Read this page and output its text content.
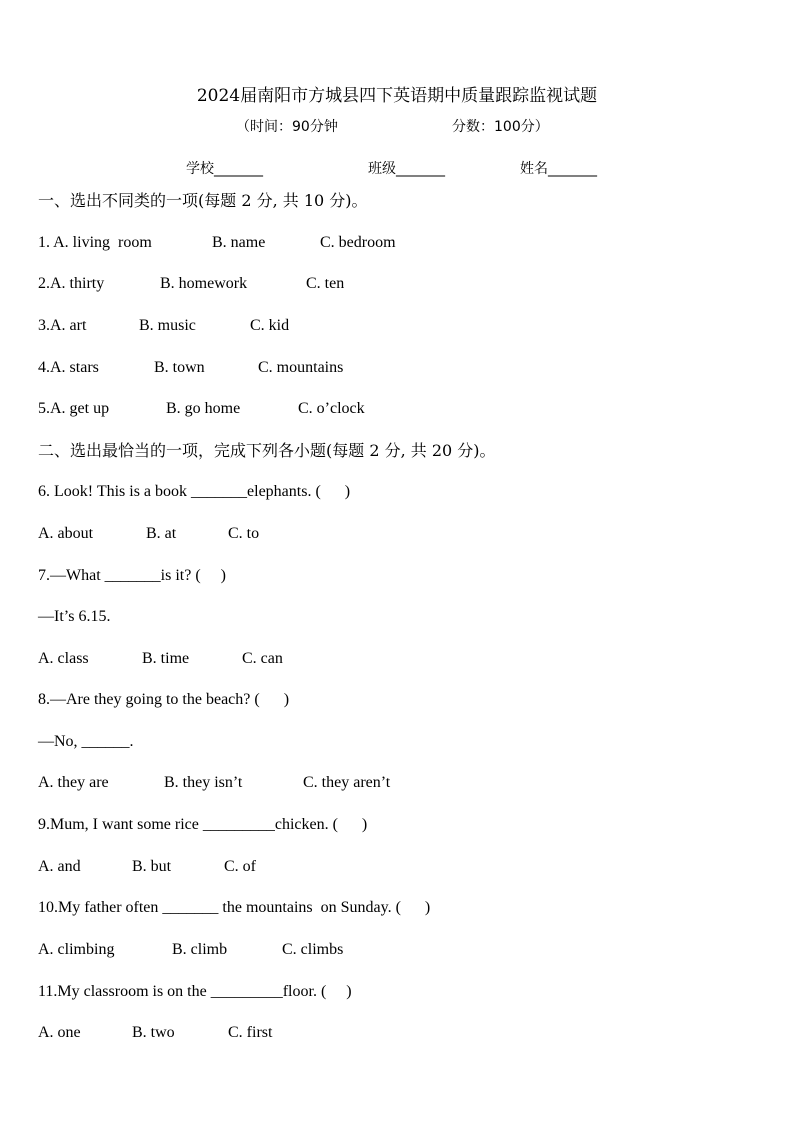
2024届南阳市方城县四下英语期中质量跟踪监视试题
（时间：90分钟	分数：100分）
学校_______	班级_______	姓名_______
一、选出不同类的一项(每题 2 分, 共 10 分)。
1. A. living  room	B. name	C. bedroom
2.A. thirty	B. homework	C. ten
3.A. art	B. music	C. kid
4.A. stars	B. town	C. mountains
5.A. get up	B. go home	C. o’clock
二、选出最恰当的一项，完成下列各小题(每题 2 分, 共 20 分)。
6. Look! This is a book _______elephants. (      )
A. about	B. at	C. to
7.—What _______is it? (     )
—It’s 6.15.
A. class	B. time	C. can
8.—Are they going to the beach? (      )
—No, ______.
A. they are	B. they isn’t	C. they aren’t
9.Mum, I want some rice _________chicken. (      )
A. and	B. but	C. of
10.My father often _______ the mountains  on Sunday. (      )
A. climbing	B. climb	C. climbs
11.My classroom is on the _________floor. (     )
A. one	B. two	C. first
